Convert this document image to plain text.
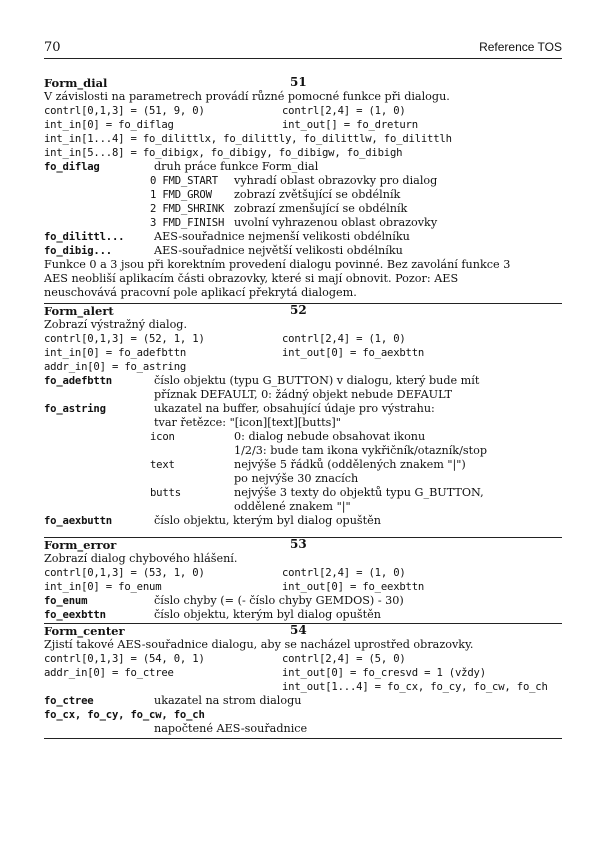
70	Reference TOS
Form_dial	51
V závislosti na parametrech provádí různé pomocné funkce při dialogu.
contrl[0,1,3] = (51, 9, 0)	contrl[2,4] = (1, 0)
int_in[0] = fo_diflag	int_out[] = fo_dreturn
int_in[1...4] = fo_dilittlx, fo_dilittly, fo_dilittlw, fo_dilittlh
int_in[5...8] = fo_dibigx, fo_dibigy, fo_dibigw, fo_dibigh
fo_diflag	druh práce funkce Form_dial
0 FMD_START vyhradí oblast obrazovky pro dialog
1 FMD_GROW zobrazí zvětšující se obdélník
2 FMD_SHRINK zobrazí zmenšující se obdélník
3 FMD_FINISH uvolní vyhrazenou oblast obrazovky
fo_dilittl...	AES-souřadnice nejmenší velikosti obdélníku
fo_dibig...	AES-souřadnice největší velikosti obdélníku
Funkce 0 a 3 jsou při korektním provedení dialogu povinné. Bez zavolání funkce 3
AES neobliší aplikacím části obrazovky, které si mají obnovit. Pozor: AES
neuschovává pracovní pole aplikací překrytá dialogem.
Form_alert	52
Zobrazí výstražný dialog.
contrl[0,1,3] = (52, 1, 1)	contrl[2,4] = (1, 0)
int_in[0] = fo_adefbttn	int_out[0] = fo_aexbttn
addr_in[0] = fo_astring
fo_adefbttn	číslo objektu (typu G_BUTTON) v dialogu, který bude mít
příznak DEFAULT, 0: žádný objekt nebude DEFAULT
fo_astring	ukazatel na buffer, obsahující údaje pro výstrahu:
tvar řetězce: "[icon][text][butts]"
icon	0: dialog nebude obsahovat ikonu
1/2/3: bude tam ikona vykřičník/otazník/stop
text	nejvýše 5 řádků (oddělených znakem "|")
po nejvýše 30 znacích
butts	nejvýše 3 texty do objektů typu G_BUTTON,
oddělené znakem "|"
fo_aexbuttn	číslo objektu, kterým byl dialog opuštěn
Form_error	53
Zobrazí dialog chybového hlášení.
contrl[0,1,3] = (53, 1, 0)	contrl[2,4] = (1, 0)
int_in[0] = fo_enum	int_out[0] = fo_eexbttn
fo_enum	číslo chyby (= (- číslo chyby GEMDOS) - 30)
fo_eexbttn	číslo objektu, kterým byl dialog opuštěn
Form_center	54
Zjistí takové AES-souřadnice dialogu, aby se nacházel uprostřed obrazovky.
contrl[0,1,3] = (54, 0, 1)	contrl[2,4] = (5, 0)
addr_in[0] = fo_ctree	int_out[0] = fo_cresvd = 1 (vždy)
int_out[1...4] = fo_cx, fo_cy, fo_cw, fo_ch
fo_ctree	ukazatel na strom dialogu
fo_cx, fo_cy, fo_cw, fo_ch
napočtené AES-souřadnice
